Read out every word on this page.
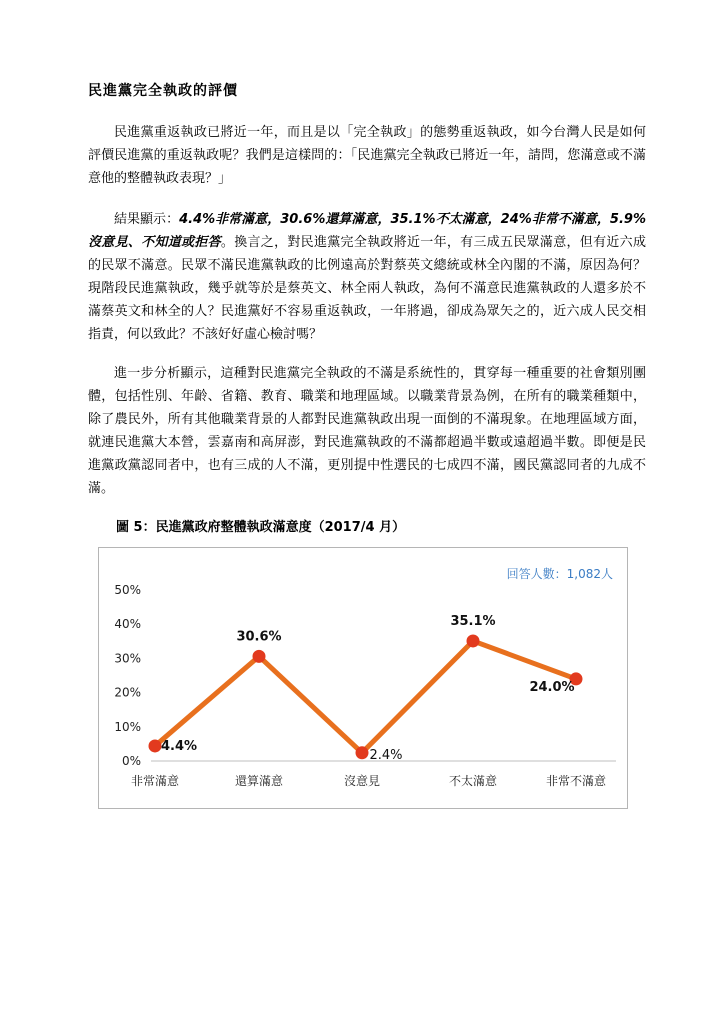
民進黨完全執政的評價

民進黨重返執政已將近一年，而且是以「完全執政」的態勢重返執政，如今台灣人民是如何評價民進黨的重返執政呢？我們是這樣問的：「民進黨完全執政已將近一年，請問，您滿意或不滿意他的整體執政表現？」

結果顯示：4.4%非常滿意，30.6%還算滿意，35.1%不太滿意，24%非常不滿意，5.9%沒意見、不知道或拒答。換言之，對民進黨完全執政將近一年，有三成五民眾滿意，但有近六成的民眾不滿意。民眾不滿民進黨執政的比例遠高於對蔡英文總統或林全內閣的不滿，原因為何？現階段民進黨執政，幾乎就等於是蔡英文、林全兩人執政，為何不滿意民進黨執政的人還多於不滿蔡英文和林全的人？民進黨好不容易重返執政，一年將過，卻成為眾矢之的，近六成人民交相指責，何以致此？不該好好虛心檢討嗎？

進一步分析顯示，這種對民進黨完全執政的不滿是系統性的，貫穿每一種重要的社會類別團體，包括性別、年齡、省籍、教育、職業和地理區域。以職業背景為例，在所有的職業種類中，除了農民外，所有其他職業背景的人都對民進黨執政出現一面倒的不滿現象。在地理區域方面，就連民進黨大本營，雲嘉南和高屏澎，對民進黨執政的不滿都超過半數或遠超過半數。即便是民進黨政黨認同者中，也有三成的人不滿，更別提中性選民的七成四不滿，國民黨認同者的九成不滿。

圖 5：民進黨政府整體執政滿意度（2017/4 月）
0%
10%
20%
30%
40%
50%
非常滿意	還算滿意	沒意見	不太滿意	非常不滿意
4.4%
30.6%
2.4%
35.1%
24.0%
回答人數：1,082人
